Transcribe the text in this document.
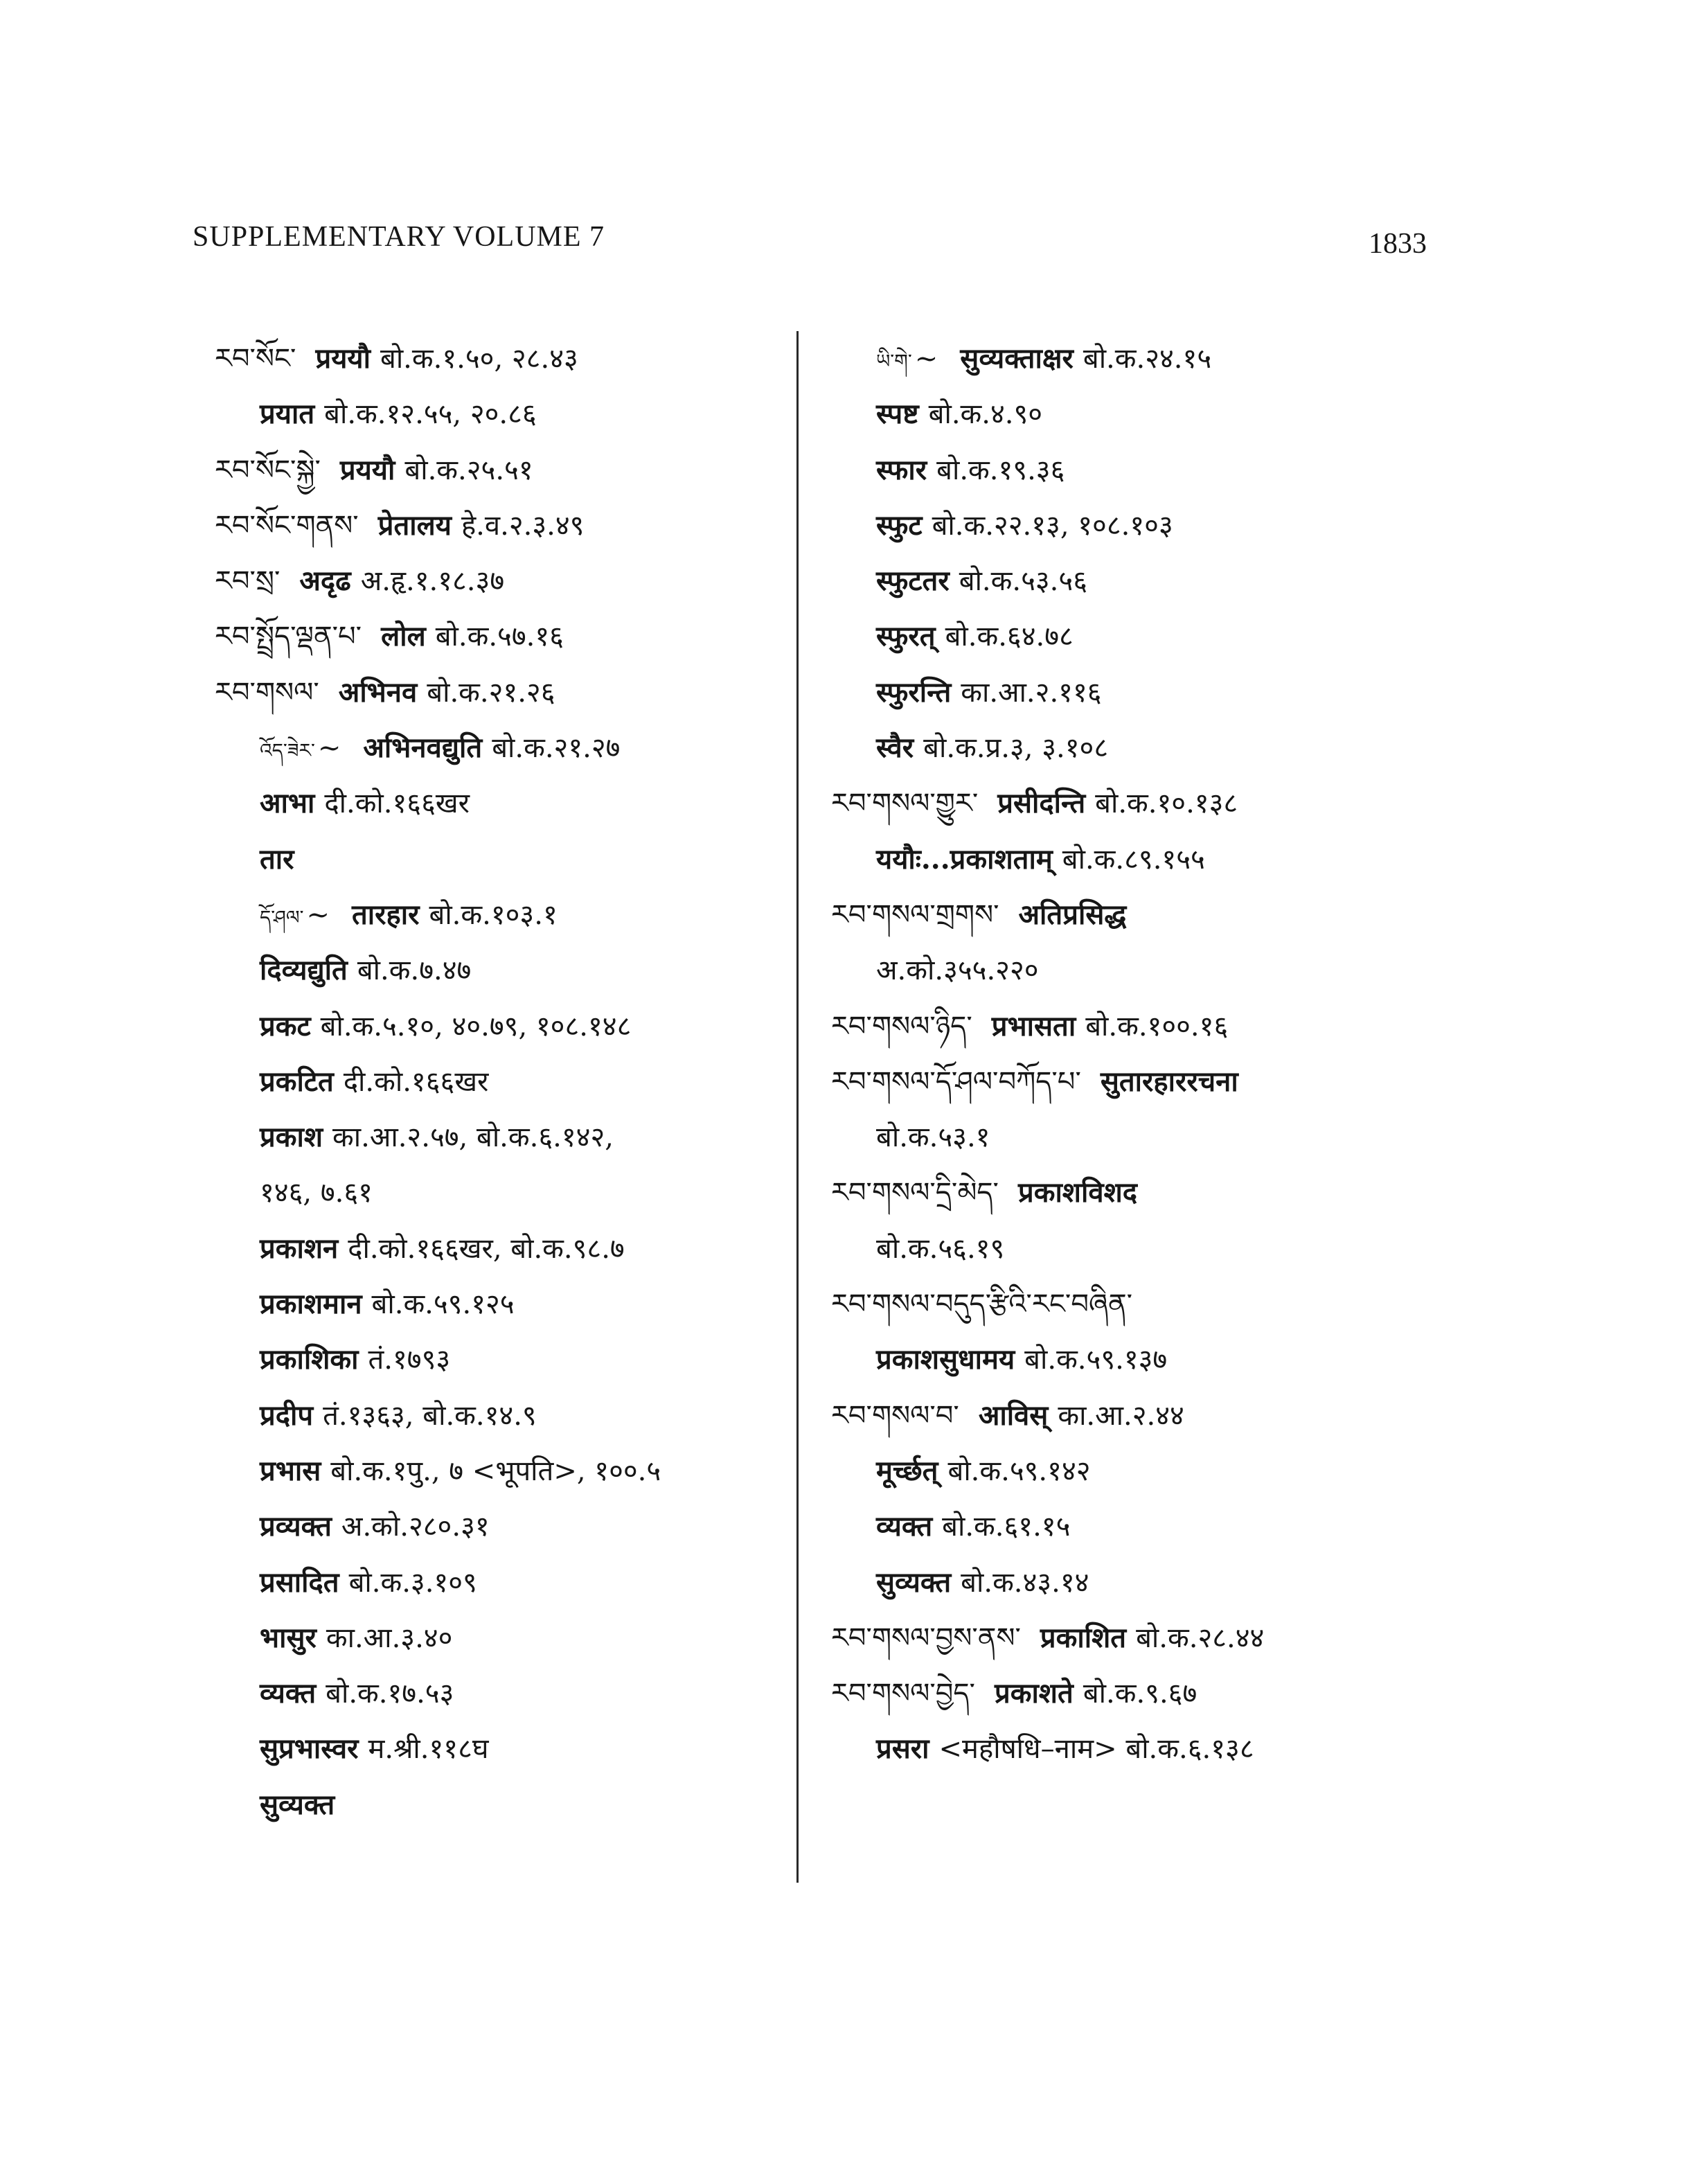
SUPPLEMENTARY VOLUME 7	1833
རབ་སོང་ प्रययौ बो.क.१.५०, २८.४३
प्रयात बो.क.१२.५५, २०.८६
རབ་སོང་སྐྱེ་ प्रययौ बो.क.२५.५१
རབ་སོང་གནས་ प्रेतालय हे.व.२.३.४९
རབ་སྲ་ अदृढ अ.हृ.१.१८.३७
རབ་སྤྲོད་ལྡན་པ་ लोल बो.क.५७.१६
རབ་གསལ་ अभिनव बो.क.२१.२६
འོད་ཟེར་ ~ अभिनवद्युति बो.क.२१.२७
आभा दी.को.१६६खर
तार
དོ་ཤལ་ ~ तारहार बो.क.१०३.१
दिव्यद्युति बो.क.७.४७
प्रकट बो.क.५.१०, ४०.७९, १०८.१४८
प्रकटित दी.को.१६६खर
प्रकाश का.आ.२.५७, बो.क.६.१४२,
१४६, ७.६१
प्रकाशन दी.को.१६६खर, बो.क.९८.७
प्रकाशमान बो.क.५९.१२५
प्रकाशिका तं.१७९३
प्रदीप तं.१३६३, बो.क.१४.९
प्रभास बो.क.१पु., ७ <भूपति>, १००.५
प्रव्यक्त अ.को.२८०.३१
प्रसादित बो.क.३.१०९
भासुर का.आ.३.४०
व्यक्त बो.क.१७.५३
सुप्रभास्वर म.श्री.११८घ
सुव्यक्त
ཡི་གེ་ ~ सुव्यक्ताक्षर बो.क.२४.१५
स्पष्ट बो.क.४.९०
स्फार बो.क.१९.३६
स्फुट बो.क.२२.१३, १०८.१०३
स्फुटतर बो.क.५३.५६
स्फुरत् बो.क.६४.७८
स्फुरन्ति का.आ.२.११६
स्वैर बो.क.प्र.३, ३.१०८
རབ་གསལ་གྱུར་ प्रसीदन्ति बो.क.१०.१३८
ययौः...प्रकाशताम् बो.क.८९.१५५
རབ་གསལ་གྲགས་ अतिप्रसिद्ध
अ.को.३५५.२२०
རབ་གསལ་ཉིད་ प्रभासता बो.क.१००.१६
རབ་གསལ་དོ་ཤལ་བཀོད་པ་ सुतारहाररचना
बो.क.५३.१
རབ་གསལ་དྲི་མེད་ प्रकाशविशद
बो.क.५६.१९
རབ་གསལ་བདུད་རྩིའི་རང་བཞིན་
प्रकाशसुधामय बो.क.५९.१३७
རབ་གསལ་བ་ आविस् का.आ.२.४४
मूर्च्छत् बो.क.५९.१४२
व्यक्त बो.क.६१.१५
सुव्यक्त बो.क.४३.१४
རབ་གསལ་བྱས་ནས་ प्रकाशित बो.क.२८.४४
རབ་གསལ་བྱེད་ प्रकाशते बो.क.९.६७
प्रसरा <महौषधि–नाम> बो.क.६.१३८
